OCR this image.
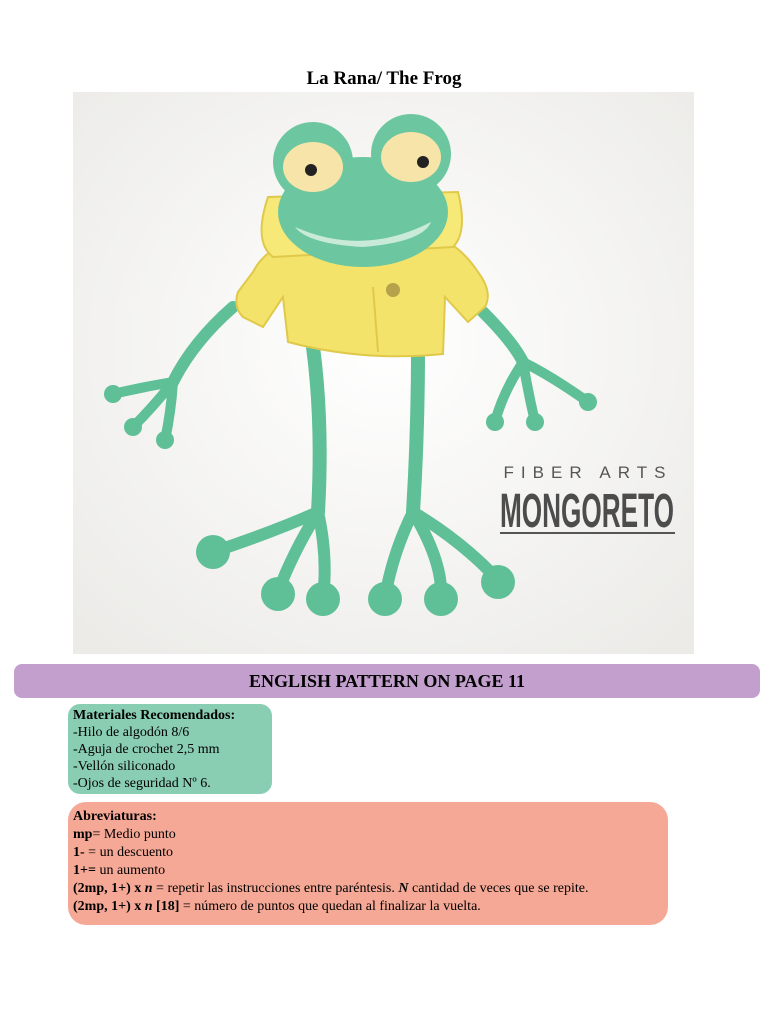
La Rana/ The Frog
FIBER ARTS
MONGORETO
ENGLISH PATTERN ON PAGE 11
Materiales Recomendados:
-Hilo de algodón 8/6
-Aguja de crochet 2,5 mm
-Vellón siliconado
-Ojos de seguridad Nº 6.
Abreviaturas:
mp= Medio punto
1- = un descuento
1+= un aumento
(2mp, 1+) x n = repetir las instrucciones entre paréntesis. N cantidad de veces que se repite.
(2mp, 1+) x n [18] = número de puntos que quedan al finalizar la vuelta.
